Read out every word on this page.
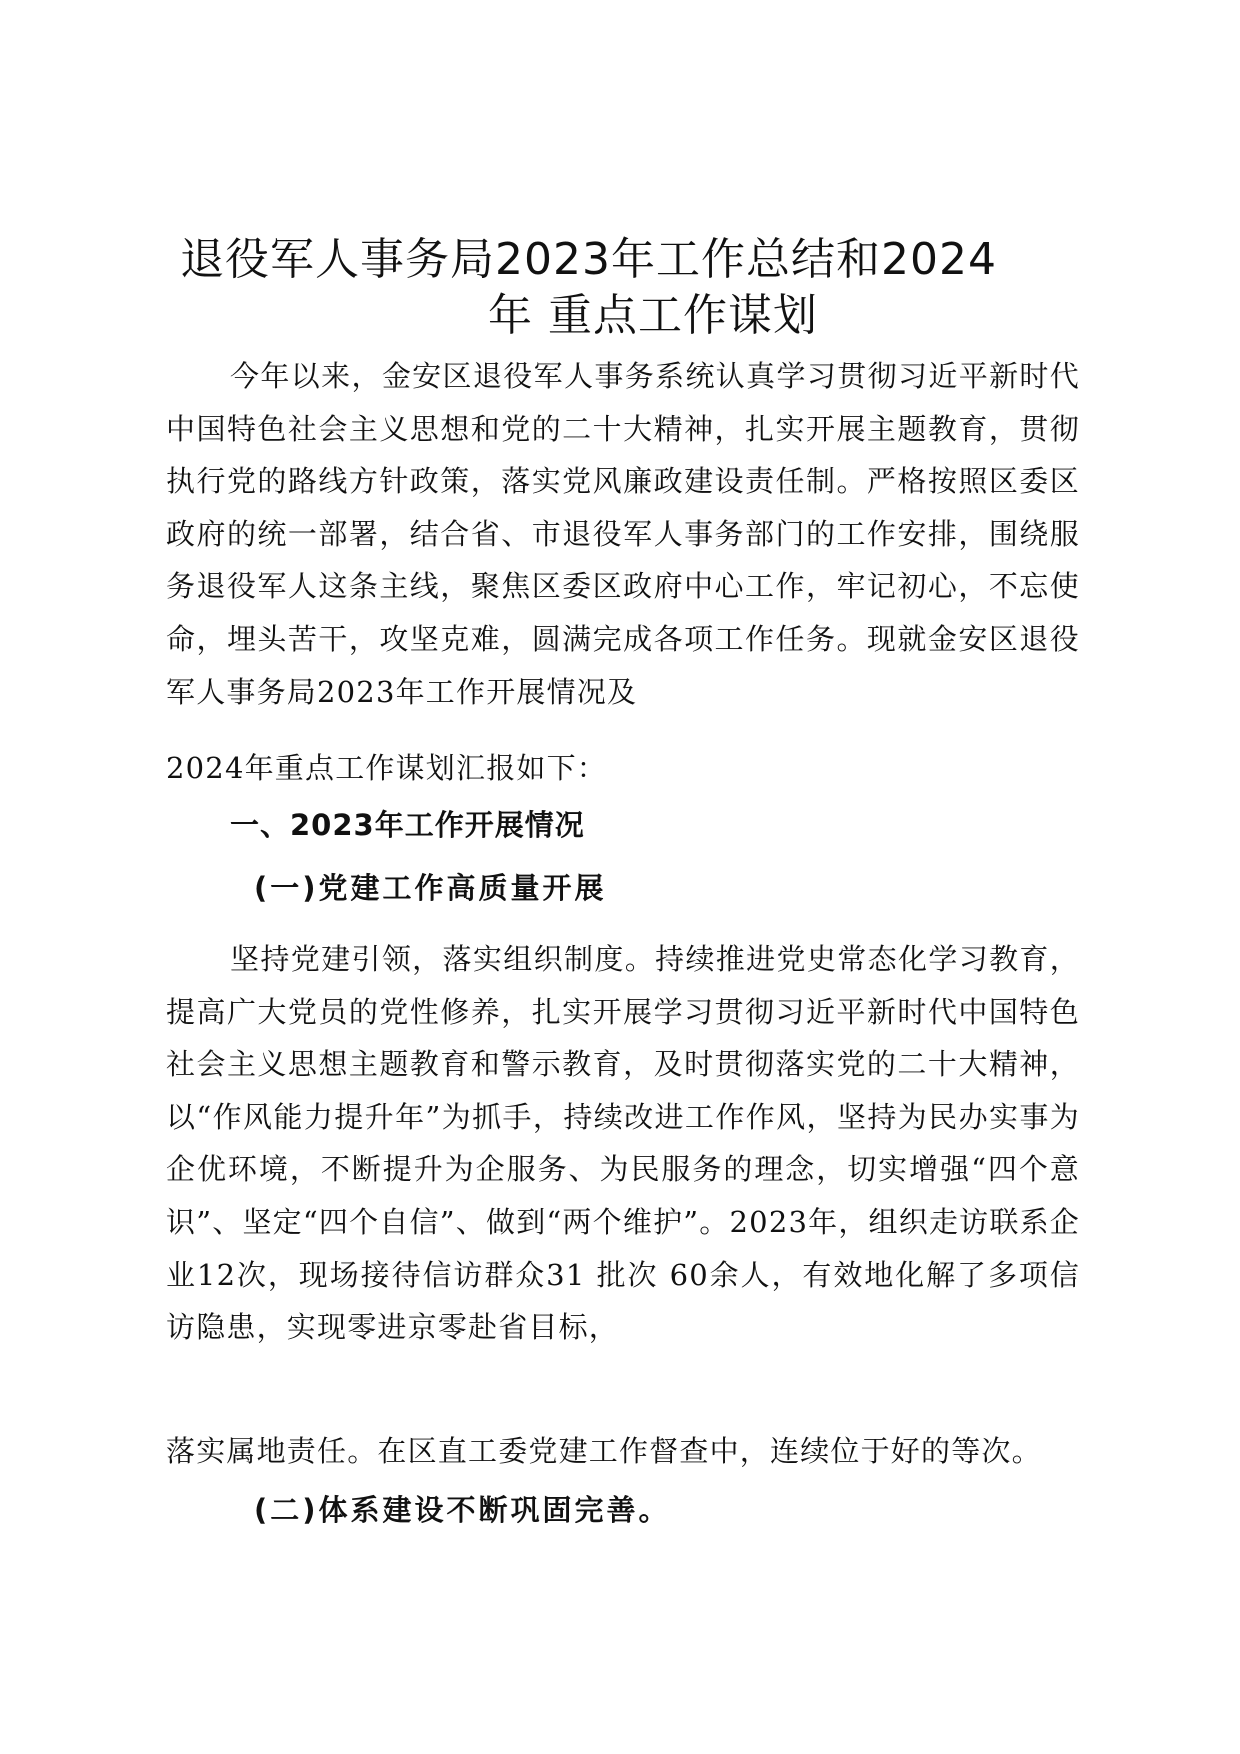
退役军人事务局2023年工作总结和2024
年 重点工作谋划

今年以来，金安区退役军人事务系统认真学习贯彻习近平新时代中国特色社会主义思想和党的二十大精神，扎实开展主题教育，贯彻执行党的路线方针政策，落实党风廉政建设责任制。严格按照区委区政府的统一部署，结合省、市退役军人事务部门的工作安排，围绕服务退役军人这条主线，聚焦区委区政府中心工作，牢记初心，不忘使命，埋头苦干，攻坚克难，圆满完成各项工作任务。现就金安区退役军人事务局2023年工作开展情况及

2024年重点工作谋划汇报如下：

一、2023年工作开展情况
(一)党建工作高质量开展

坚持党建引领，落实组织制度。持续推进党史常态化学习教育，提高广大党员的党性修养，扎实开展学习贯彻习近平新时代中国特色社会主义思想主题教育和警示教育，及时贯彻落实党的二十大精神，以“作风能力提升年”为抓手，持续改进工作作风，坚持为民办实事为企优环境，不断提升为企服务、为民服务的理念，切实增强“四个意识”、坚定“四个自信”、做到“两个维护”。2023年，组织走访联系企业12次，现场接待信访群众31 批次 60余人，有效地化解了多项信访隐患，实现零进京零赴省目标，

落实属地责任。在区直工委党建工作督查中，连续位于好的等次。

(二)体系建设不断巩固完善。
